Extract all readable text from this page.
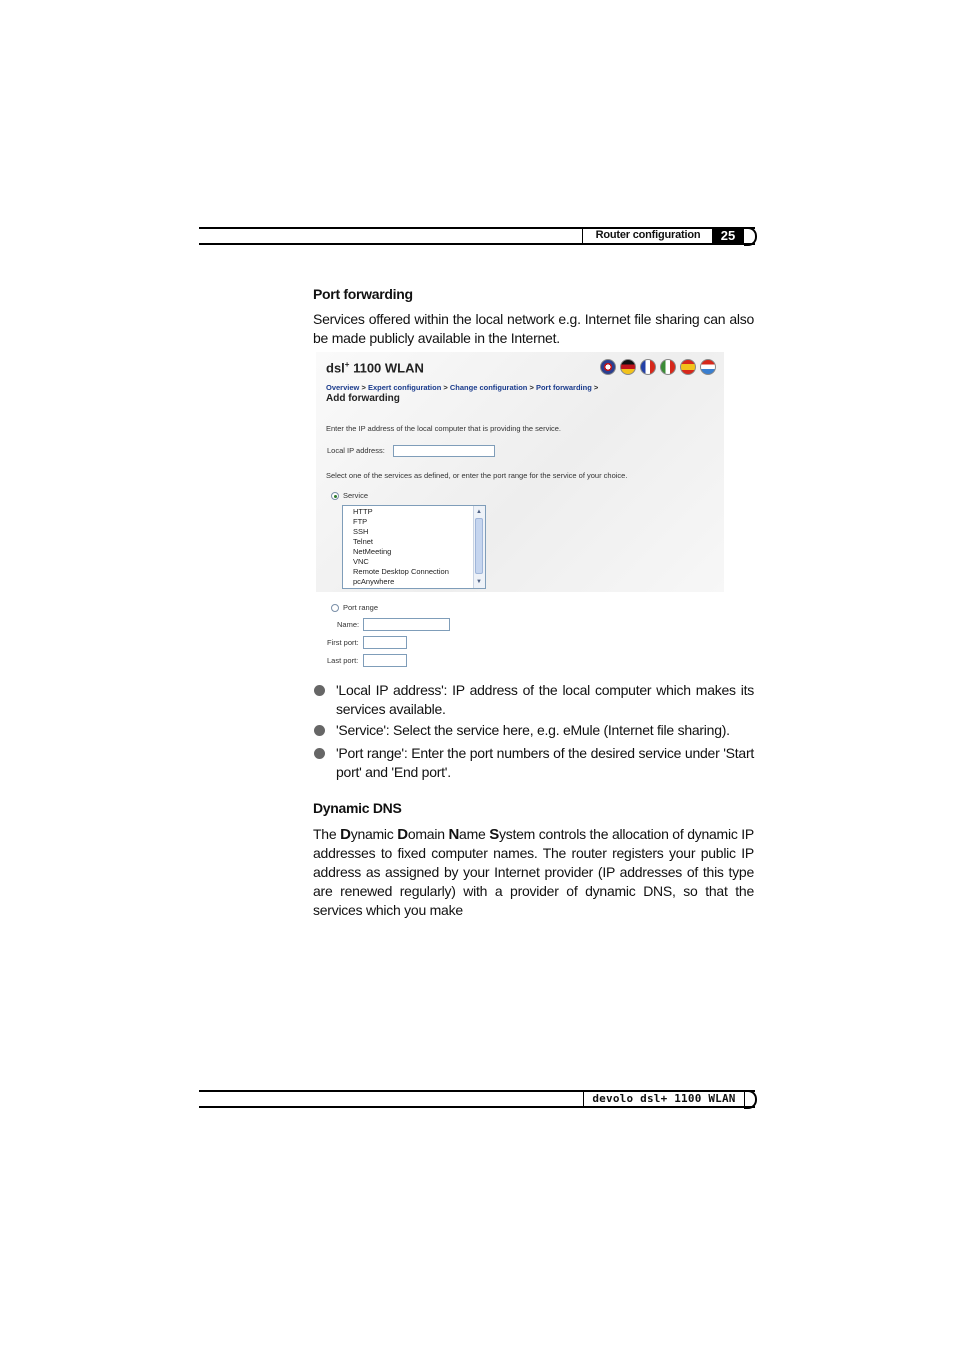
Router configuration	25
Port forwarding

Services offered within the local network e.g. Internet file sharing can also be made publicly available in the Internet.

dsl+ 1100 WLAN
Overview > Expert configuration > Change configuration > Port forwarding >
Add forwarding
Enter the IP address of the local computer that is providing the service.
Local IP address:
Select one of the services as defined, or enter the port range for the service of your choice.
Service
HTTP
FTP
SSH
Telnet
NetMeeting
VNC
Remote Desktop Connection
pcAnywhere
▲
▼
Port range
Name:
First port:
Last port:
'Local IP address': IP address of the local computer which makes its services available.
'Service': Select the service here, e.g. eMule (Internet file sharing).
'Port range': Enter the port numbers of the desired service under 'Start port' and 'End port'.
Dynamic DNS

The Dynamic Domain Name System controls the allocation of dynamic IP addresses to fixed computer names. The router registers your public IP address as assigned by your Internet provider (IP addresses of this type are renewed regularly) with a provider of dynamic DNS, so that the services which you make

devolo dsl+ 1100 WLAN
